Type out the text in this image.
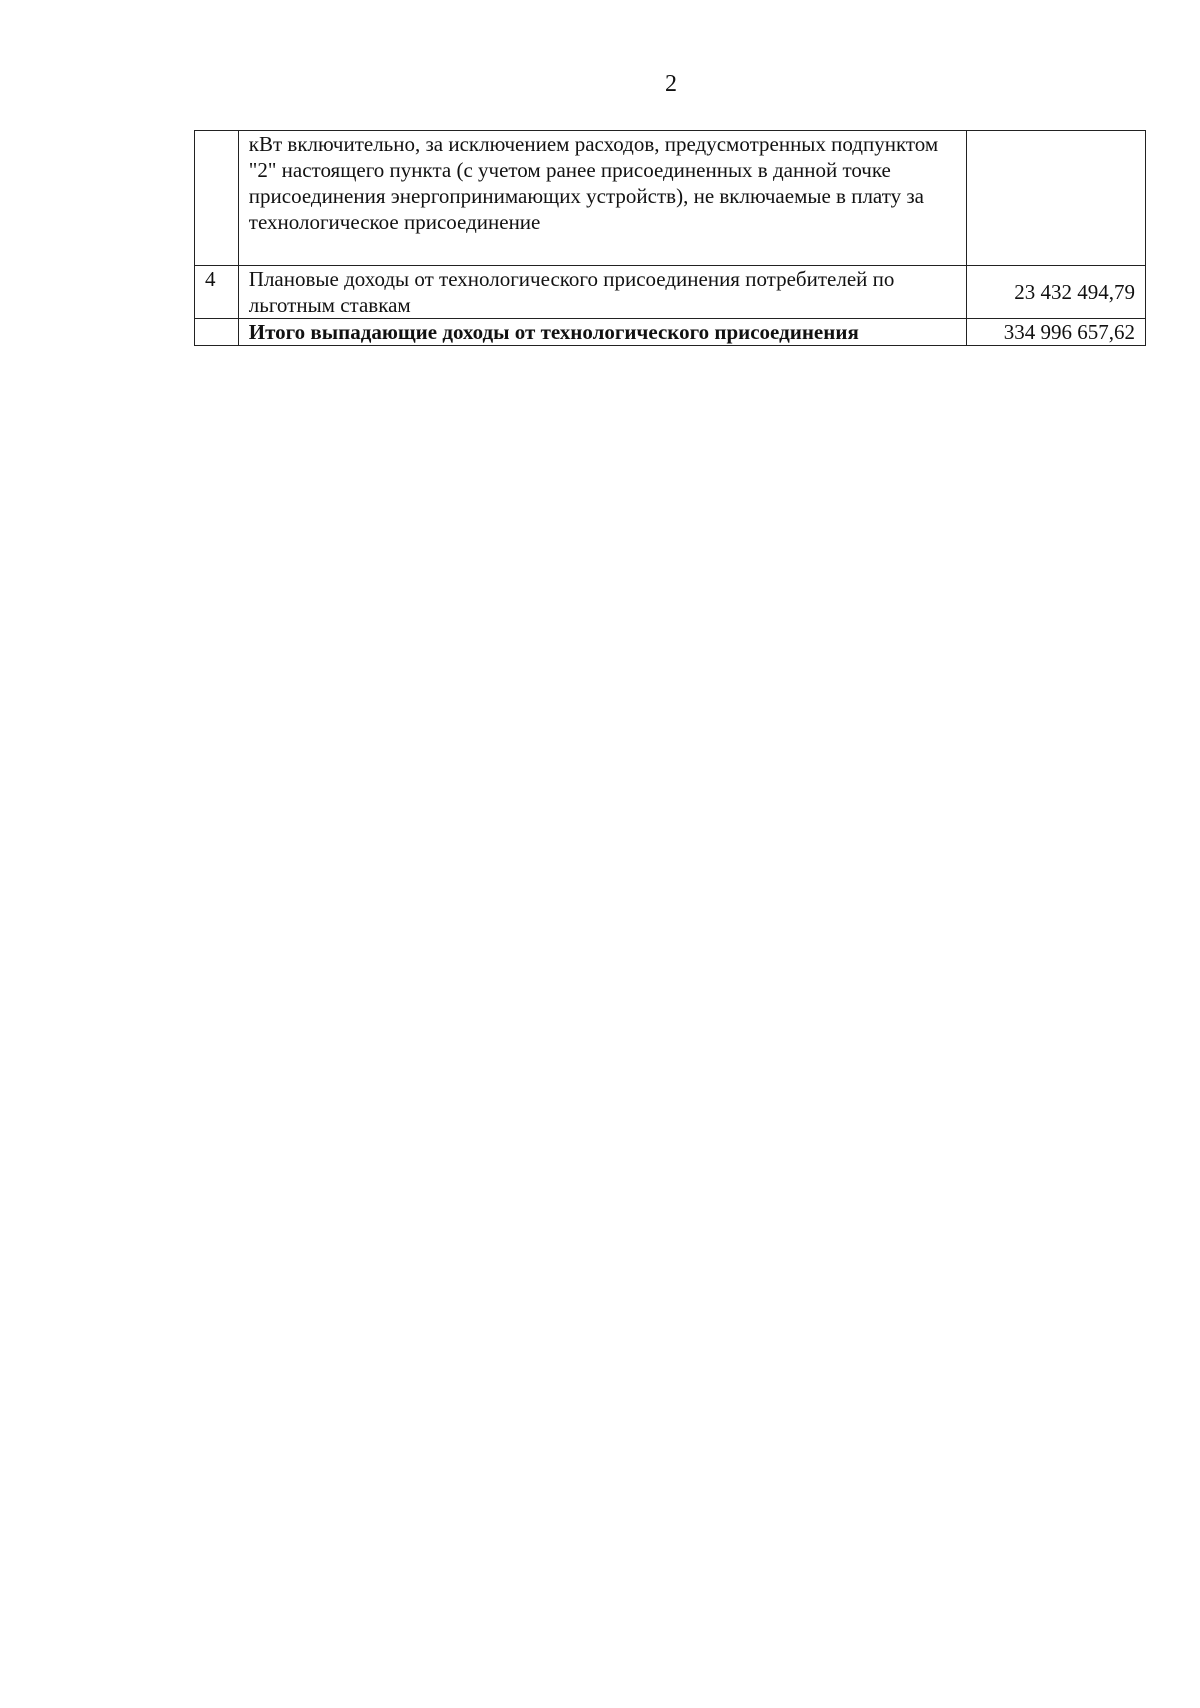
2
	кВт включительно, за исключением расходов, предусмотренных подпунктом "2" настоящего пункта (с учетом ранее присоединенных в данной точке присоединения энергопринимающих устройств), не включаемые в плату за технологическое присоединение	
4	Плановые доходы от технологического присоединения потребителей по льготным ставкам	23 432 494,79
	Итого выпадающие доходы от технологического присоединения	334 996 657,62
